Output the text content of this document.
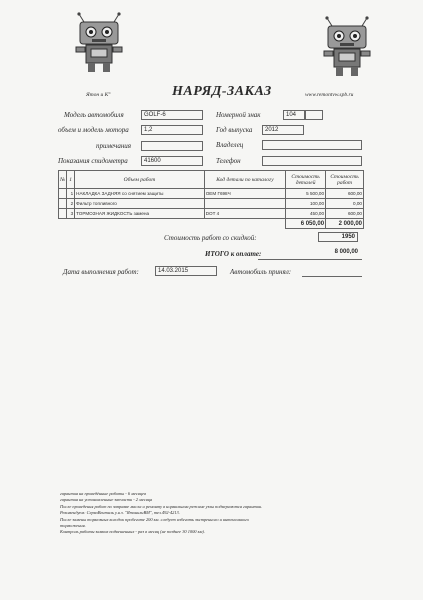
Ятон и К°	www.remontvw.spb.ru
НАРЯД-ЗАКАЗ
Модель автомобиля	GOLF-6	Номерной знак	104
объем и модель мотора	1,2	Год выпуска	2012
примечания	Владелец
Показания спидометра	41600	Телефон
№	1	Объем работ	Код детали по каталогу	Стоимость деталей	Стоимость работ
	1	НАКЛАДКА ЗАДНЯЯ со снятием защиты	ОЕМ Г698Ч	5 500,00	600,00
	2	Фильтр топливного		100,00	0,00
	3	ТОРМОЗНАЯ ЖИДКОСТЬ замена	DOT 4	450,00	600,00
				6 050,00	2 000,00
Стоимость работ со скидкой:	1950
ИТОГО к оплате:	8 000,00
Дата выполнения работ:	14.03.2015	Автомобиль принял:
гарантия на проведённые работы - 6 месяцев
гарантия на установленные запчасти - 2 месяца
После проведения работ по заправке масла и ремонту в нормальном режиме узлы подвергаются гарантии.
Рекомендуем: СервоВентиль у.н.з. "ЯтонилиВМ", тел.492-4213.
После замены тормозных колодок пробегите 200 км. следует избегать экстренного и интенсивного
торможения.
Контроль работы замков подвешенных - раз в месяц (не позднее 30 1000 км).
